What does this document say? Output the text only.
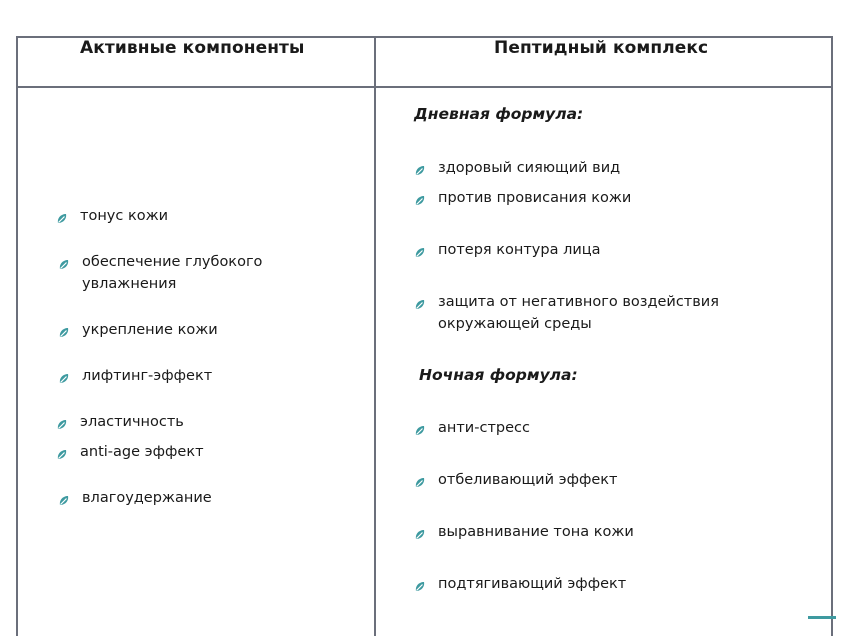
Активные компоненты	Пептидный комплекс
тонус кожи
обеспечение глубокого увлажнения
укрепление кожи
лифтинг-эффект
эластичность
anti-age эффект
влагоудержание
Дневная формула:
здоровый сияющий вид
против провисания кожи
потеря контура лица
защита от негативного воздействия окружающей среды
Ночная формула:
анти-стресс
отбеливающий эффект
выравнивание тона кожи
подтягивающий эффект
